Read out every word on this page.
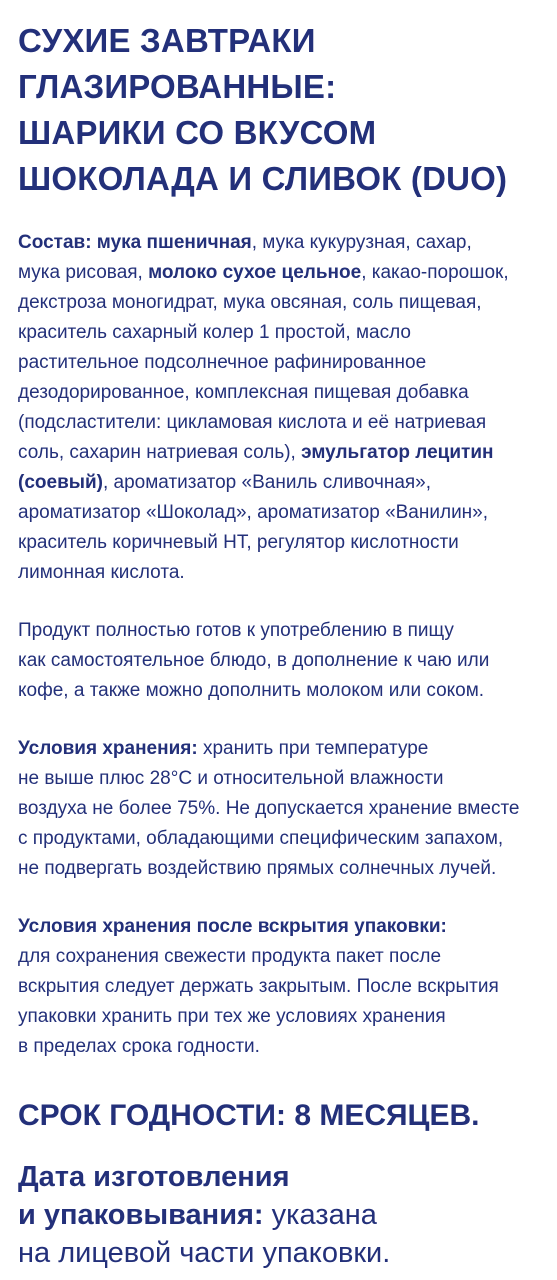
СУХИЕ ЗАВТРАКИ
ГЛАЗИРОВАННЫЕ:
ШАРИКИ СО ВКУСОМ
ШОКОЛАДА И СЛИВОК (DUO)
Состав: мука пшеничная, мука кукурузная, сахар,
мука рисовая, молоко сухое цельное, какао-порошок,
декстроза моногидрат, мука овсяная, соль пищевая,
краситель сахарный колер 1 простой, масло
растительное подсолнечное рафинированное
дезодорированное, комплексная пищевая добавка
(подсластители: цикламовая кислота и её натриевая
соль, сахарин натриевая соль), эмульгатор лецитин
(соевый), ароматизатор «Ваниль сливочная»,
ароматизатор «Шоколад», ароматизатор «Ванилин»,
краситель коричневый НТ, регулятор кислотности
лимонная кислота.
Продукт полностью готов к употреблению в пищу
как самостоятельное блюдо, в дополнение к чаю или
кофе, а также можно дополнить молоком или соком.
Условия хранения: хранить при температуре
не выше плюс 28°С и относительной влажности
воздуха не более 75%. Не допускается хранение вместе
с продуктами, обладающими специфическим запахом,
не подвергать воздействию прямых солнечных лучей.
Условия хранения после вскрытия упаковки:
для сохранения свежести продукта пакет после
вскрытия следует держать закрытым. После вскрытия
упаковки хранить при тех же условиях хранения
в пределах срока годности.
СРОК ГОДНОСТИ: 8 МЕСЯЦЕВ.
Дата изготовления
и упаковывания: указана
на лицевой части упаковки.
